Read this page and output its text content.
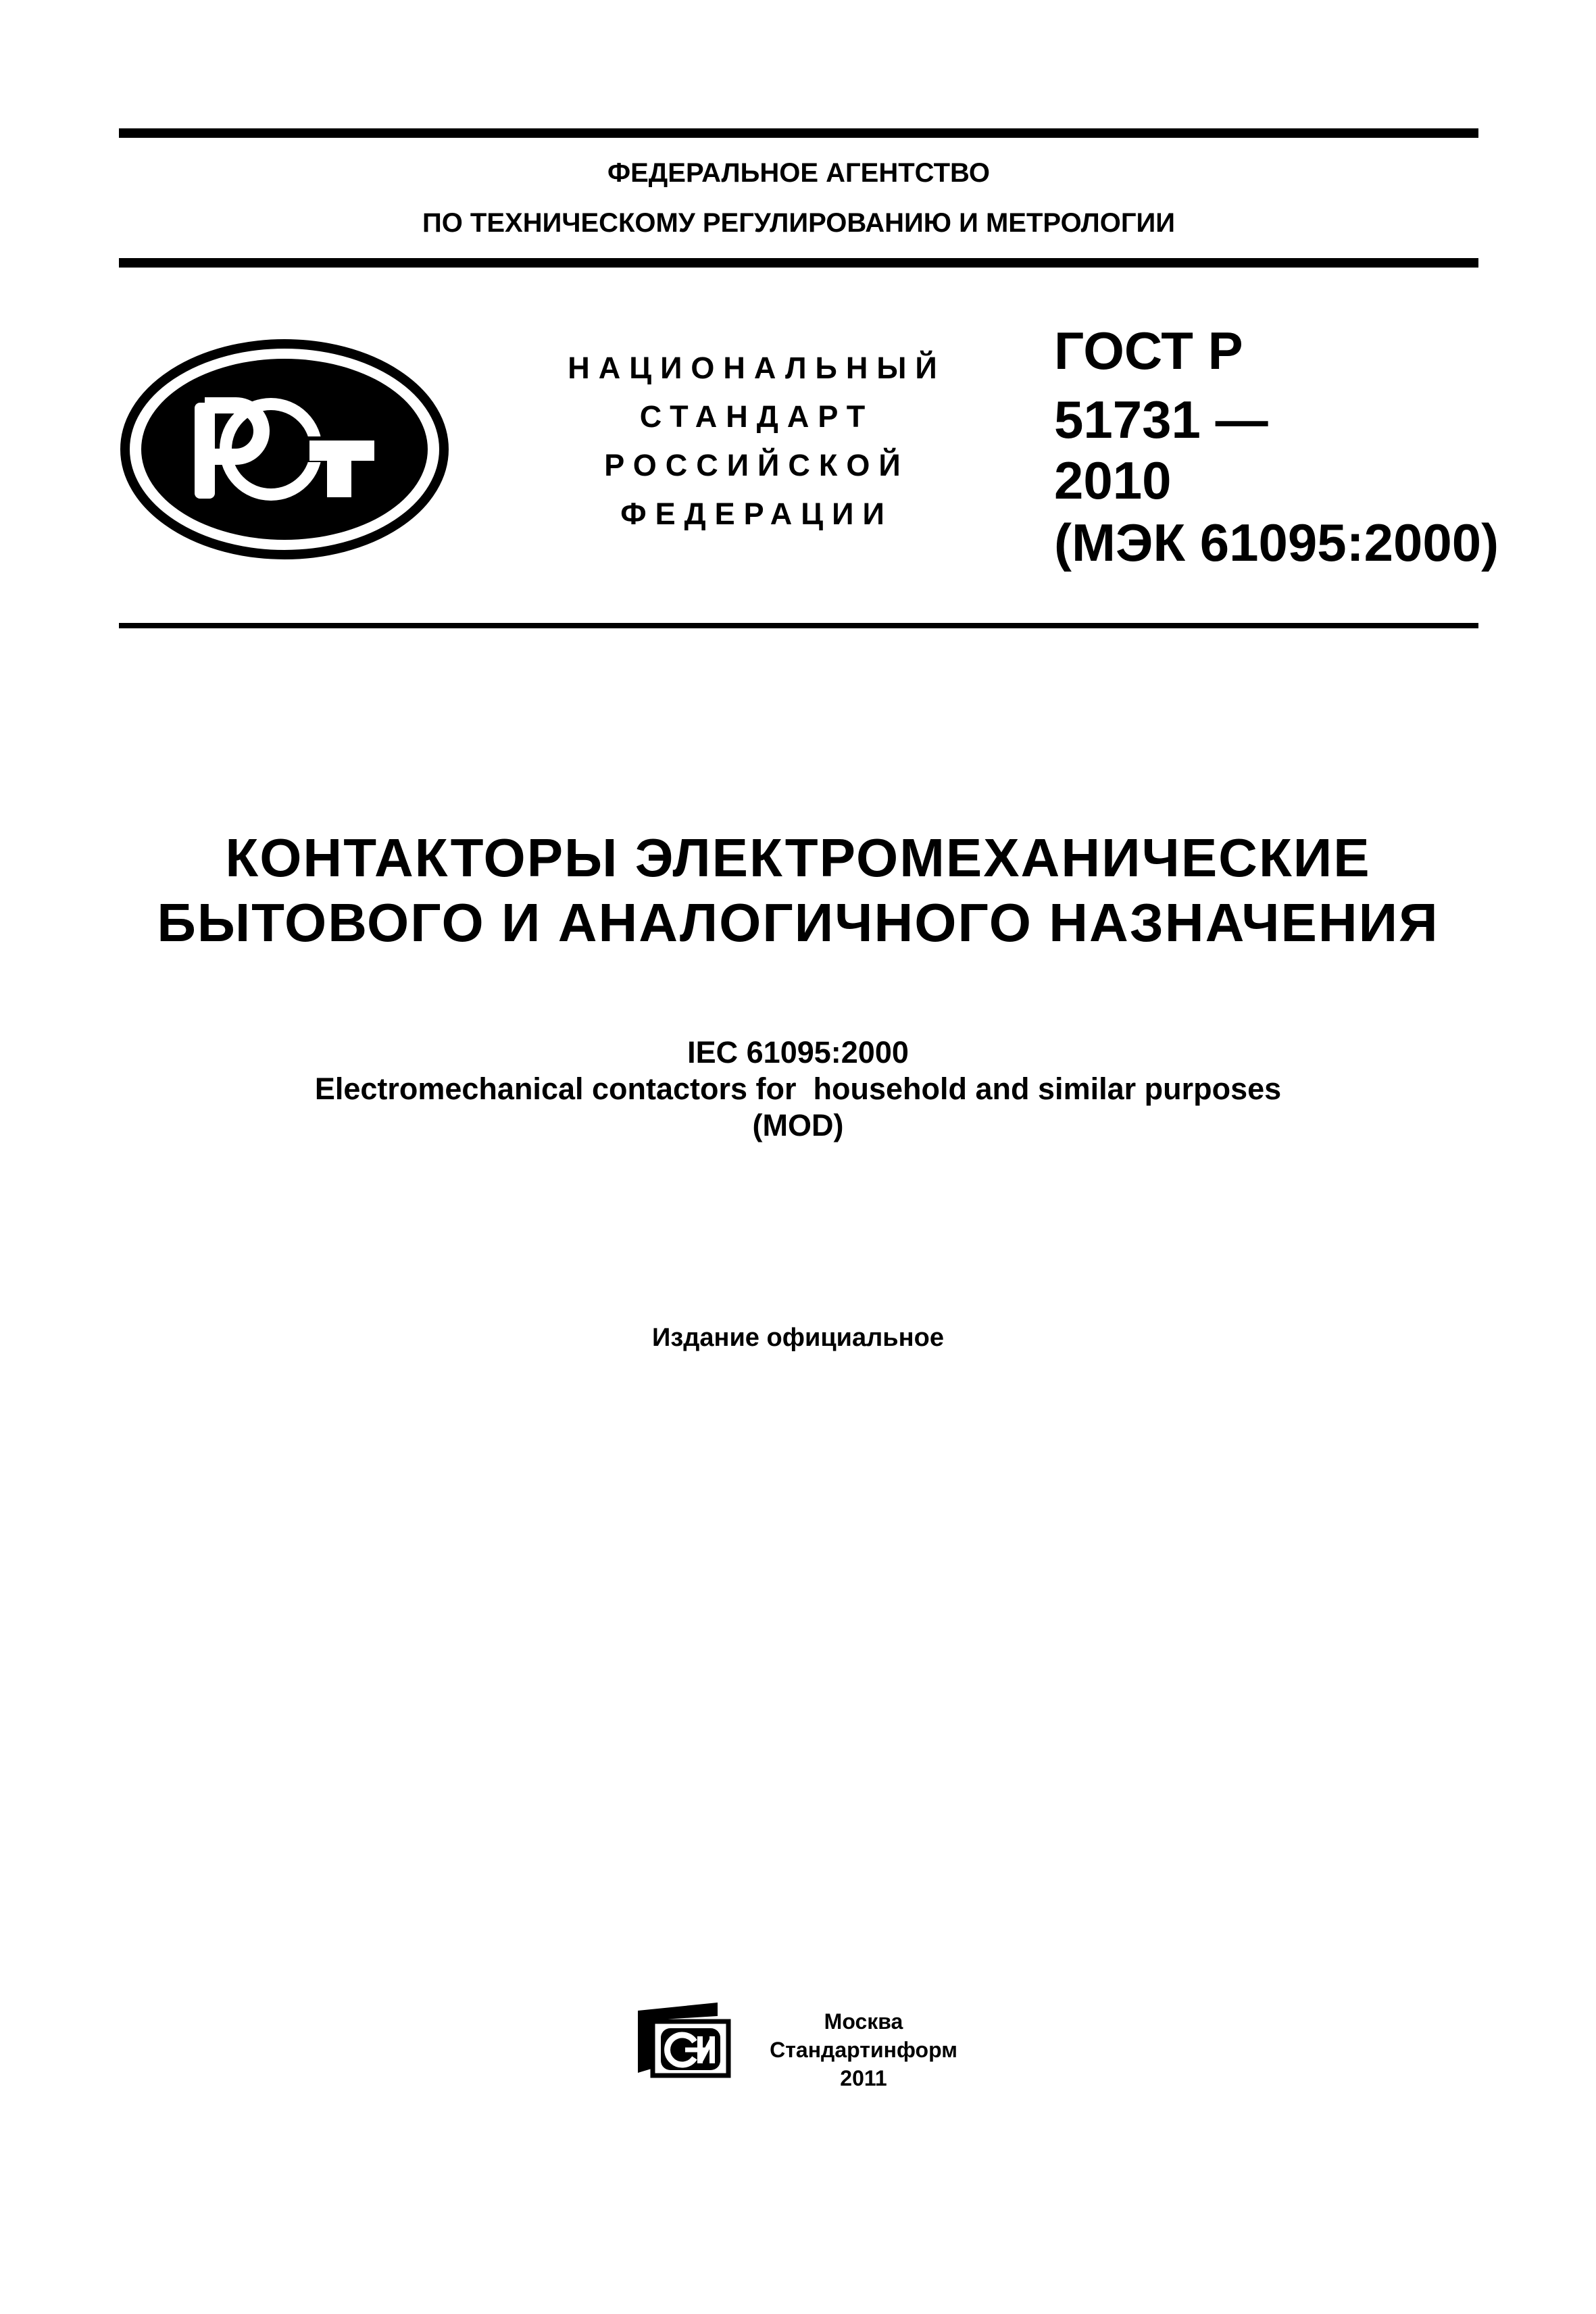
ФЕДЕРАЛЬНОЕ АГЕНТСТВО
ПО ТЕХНИЧЕСКОМУ РЕГУЛИРОВАНИЮ И МЕТРОЛОГИИ
НАЦИОНАЛЬНЫЙ
СТАНДАРТ
РОССИЙСКОЙ
ФЕДЕРАЦИИ
ГОСТ Р
51731 —
2010
(МЭК 61095:2000)
КОНТАКТОРЫ ЭЛЕКТРОМЕХАНИЧЕСКИЕ
БЫТОВОГО И АНАЛОГИЧНОГО НАЗНАЧЕНИЯ
IEC 61095:2000
Electromechanical contactors for  household and similar purposes
(MOD)
Издание официальное
Москва
Стандартинформ
2011
